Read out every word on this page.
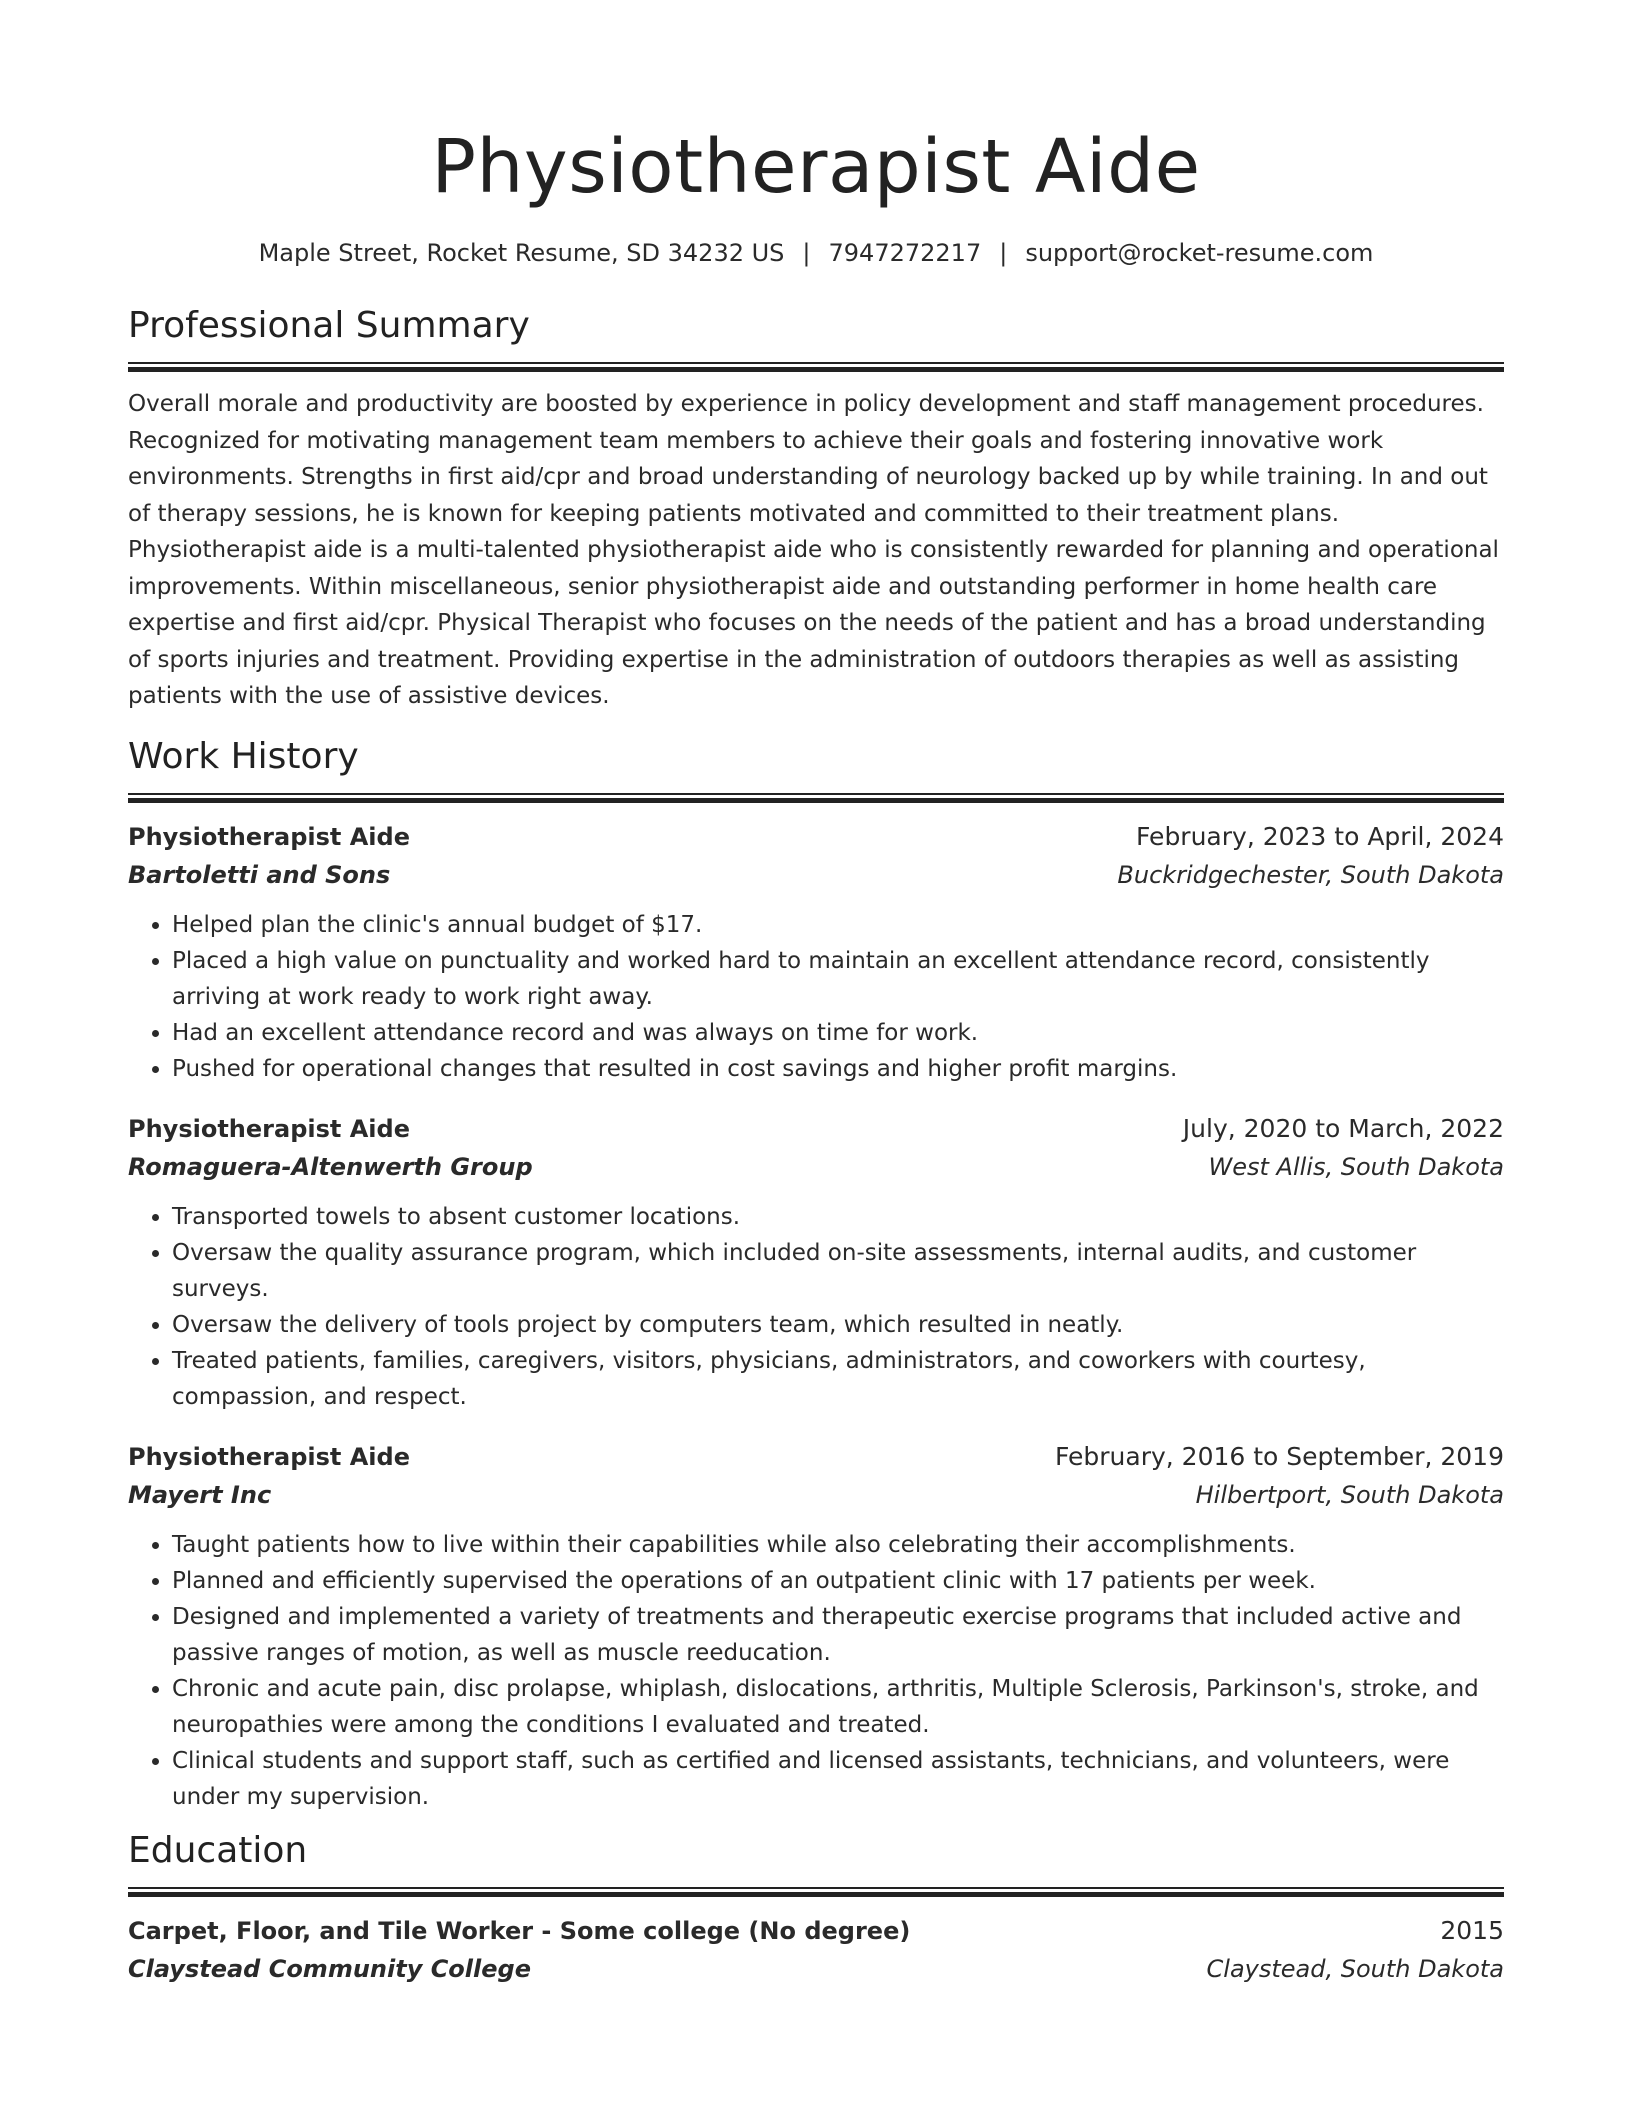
Physiotherapist Aide
Maple Street, Rocket Resume, SD 34232 US | 7947272217 | support@rocket-resume.com
Professional Summary
Overall morale and productivity are boosted by experience in policy development and staff management procedures. Recognized for motivating management team members to achieve their goals and fostering innovative work environments. Strengths in first aid/cpr and broad understanding of neurology backed up by while training. In and out of therapy sessions, he is known for keeping patients motivated and committed to their treatment plans. Physiotherapist aide is a multi-talented physiotherapist aide who is consistently rewarded for planning and operational improvements. Within miscellaneous, senior physiotherapist aide and outstanding performer in home health care expertise and first aid/cpr. Physical Therapist who focuses on the needs of the patient and has a broad understanding of sports injuries and treatment. Providing expertise in the administration of outdoors therapies as well as assisting patients with the use of assistive devices.
Work History
Physiotherapist Aide	February, 2023 to April, 2024
Bartoletti and Sons	Buckridgechester, South Dakota
• Helped plan the clinic's annual budget of $17.
• Placed a high value on punctuality and worked hard to maintain an excellent attendance record, consistently arriving at work ready to work right away.
• Had an excellent attendance record and was always on time for work.
• Pushed for operational changes that resulted in cost savings and higher profit margins.
Physiotherapist Aide	July, 2020 to March, 2022
Romaguera-Altenwerth Group	West Allis, South Dakota
• Transported towels to absent customer locations.
• Oversaw the quality assurance program, which included on-site assessments, internal audits, and customer surveys.
• Oversaw the delivery of tools project by computers team, which resulted in neatly.
• Treated patients, families, caregivers, visitors, physicians, administrators, and coworkers with courtesy, compassion, and respect.
Physiotherapist Aide	February, 2016 to September, 2019
Mayert Inc	Hilbertport, South Dakota
• Taught patients how to live within their capabilities while also celebrating their accomplishments.
• Planned and efficiently supervised the operations of an outpatient clinic with 17 patients per week.
• Designed and implemented a variety of treatments and therapeutic exercise programs that included active and passive ranges of motion, as well as muscle reeducation.
• Chronic and acute pain, disc prolapse, whiplash, dislocations, arthritis, Multiple Sclerosis, Parkinson's, stroke, and neuropathies were among the conditions I evaluated and treated.
• Clinical students and support staff, such as certified and licensed assistants, technicians, and volunteers, were under my supervision.
Education
Carpet, Floor, and Tile Worker - Some college (No degree)	2015
Claystead Community College	Claystead, South Dakota
